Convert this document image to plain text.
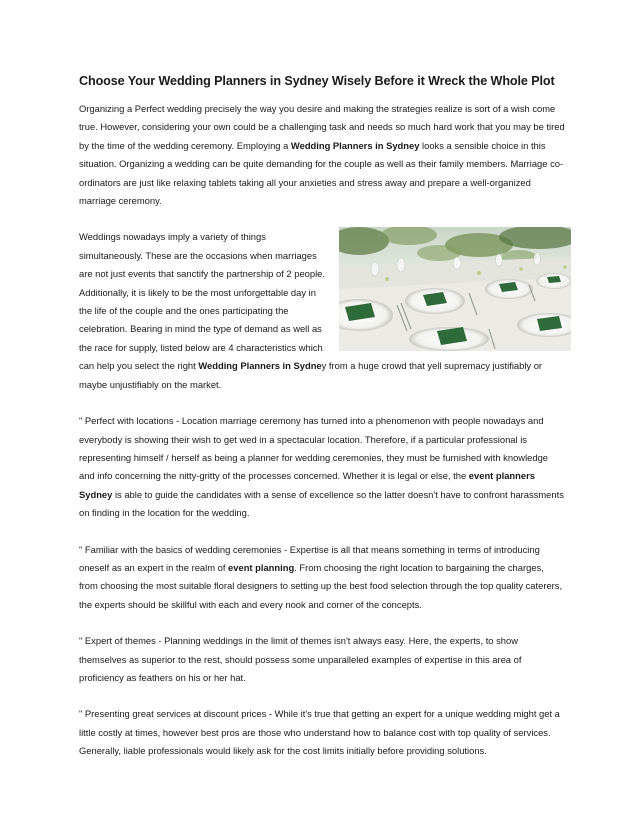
Choose Your Wedding Planners in Sydney Wisely Before it Wreck the Whole Plot

Organizing a Perfect wedding precisely the way you desire and making the strategies realize is sort of a wish come true. However, considering your own could be a challenging task and needs so much hard work that you may be tired by the time of the wedding ceremony. Employing a Wedding Planners in Sydney looks a sensible choice in this situation. Organizing a wedding can be quite demanding for the couple as well as their family members. Marriage co-ordinators are just like relaxing tablets taking all your anxieties and stress away and prepare a well-organized marriage ceremony.

Weddings nowadays imply a variety of things simultaneously. These are the occasions when marriages are not just events that sanctify the partnership of 2 people. Additionally, it is likely to be the most unforgettable day in the life of the couple and the ones participating the celebration. Bearing in mind the type of demand as well as the race for supply, listed below are 4 characteristics which can help you select the right Wedding Planners in Sydney from a huge crowd that yell supremacy justifiably or maybe unjustifiably on the market.

" Perfect with locations - Location marriage ceremony has turned into a phenomenon with people nowadays and everybody is showing their wish to get wed in a spectacular location. Therefore, if a particular professional is representing himself / herself as being a planner for wedding ceremonies, they must be furnished with knowledge and info concerning the nitty-gritty of the processes concerned. Whether it is legal or else, the event planners Sydney is able to guide the candidates with a sense of excellence so the latter doesn't have to confront harassments on finding in the location for the wedding.

" Familiar with the basics of wedding ceremonies - Expertise is all that means something in terms of introducing oneself as an expert in the realm of event planning. From choosing the right location to bargaining the charges, from choosing the most suitable floral designers to setting up the best food selection through the top quality caterers, the experts should be skillful with each and every nook and corner of the concepts.

" Expert of themes - Planning weddings in the limit of themes isn't always easy. Here, the experts, to show themselves as superior to the rest, should possess some unparalleled examples of expertise in this area of proficiency as feathers on his or her hat.

" Presenting great services at discount prices - While it's true that getting an expert for a unique wedding might get a little costly at times, however best pros are those who understand how to balance cost with top quality of services. Generally, liable professionals would likely ask for the cost limits initially before providing solutions.
